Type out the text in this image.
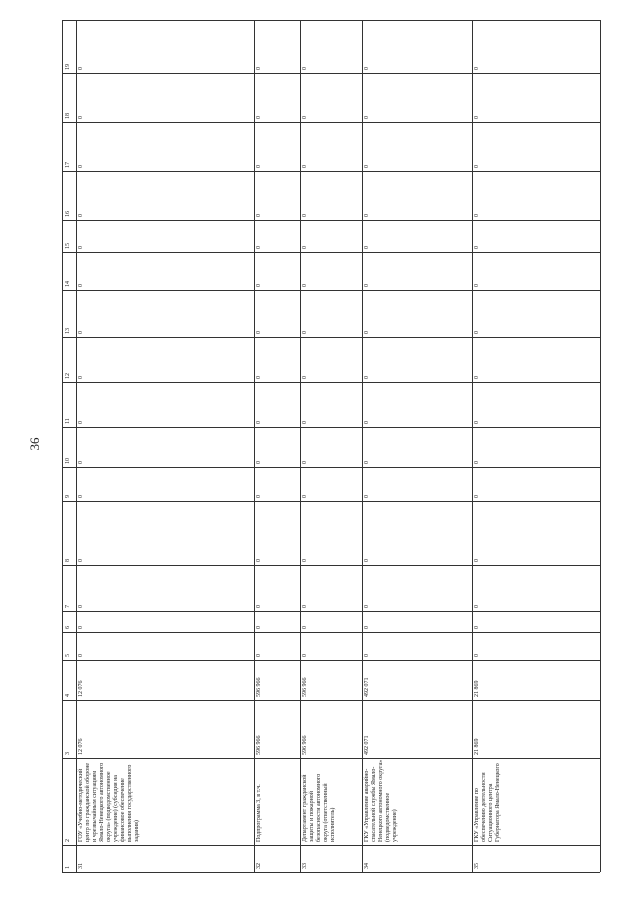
36
1
2
3
4
5
6
7
8
9
10
11
12
13
14
15
16
17
18
19
31
ГОУ «Учебно-методический центр по гражданской обороне и чрезвычайным ситуациям Ямало-Ненецкого автономного округа» (подведомственное учреждение) (субсидия на финансовое обеспечение выполнения государственного задания)
12 076
12 076
0
0
0
0
0
0
0
0
0
0
0
0
0
0
0
32
Подпрограмма 3, в т.ч.
596 966
596 966
0
0
0
0
0
0
0
0
0
0
0
0
0
0
0
33
Департамент гражданской защиты и пожарной безопасности автономного округа (ответственный исполнитель)
596 966
596 966
0
0
0
0
0
0
0
0
0
0
0
0
0
0
0
34
ГКУ «Управление аварийно-спасательной службы Ямало-Ненецкого автономного округа» (подведомственное учреждение)
492 071
492 071
0
0
0
0
0
0
0
0
0
0
0
0
0
0
0
35
ГКУ «Управление по обеспечению деятельности Ситуационного центра Губернатора Ямало-Ненецкого
21 869
21 869
0
0
0
0
0
0
0
0
0
0
0
0
0
0
0
